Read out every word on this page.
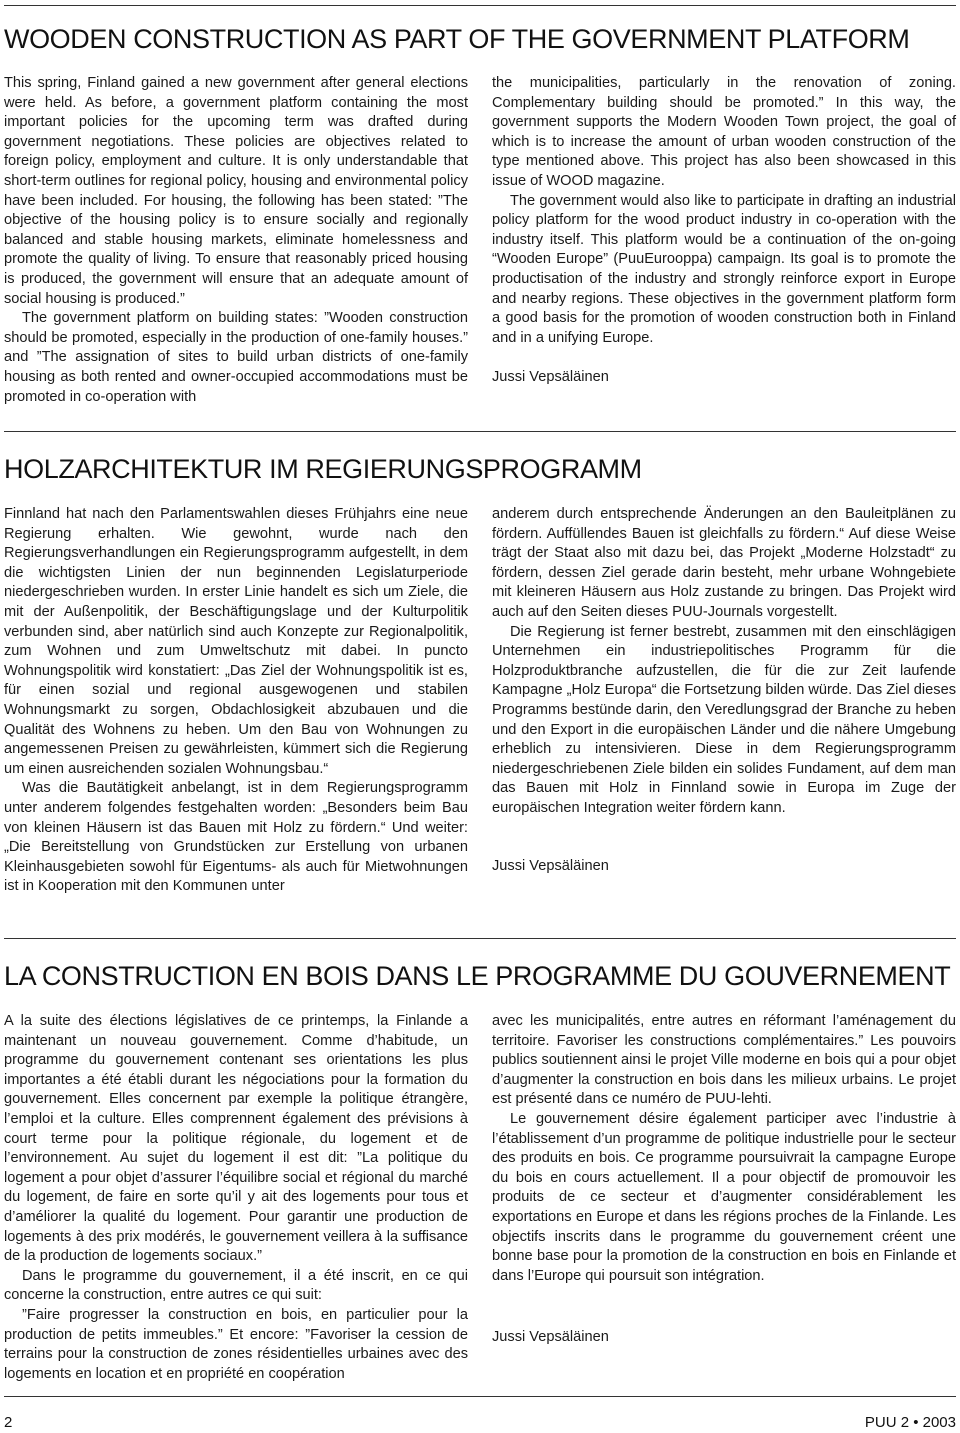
WOODEN CONSTRUCTION AS PART OF THE GOVERNMENT PLATFORM

This spring, Finland gained a new government after general elections were held. As before, a government platform containing the most important policies for the upcoming term was drafted during government negotiations. These policies are objectives related to foreign policy, employment and culture. It is only understandable that short-term outlines for regional policy, housing and environmental policy have been included. For housing, the following has been stated: ”The objective of the housing policy is to ensure socially and regionally balanced and stable housing markets, eliminate homelessness and promote the quality of living. To ensure that reasonably priced housing is produced, the government will ensure that an adequate amount of social housing is produced.”

The government platform on building states: ”Wooden construction should be promoted, especially in the production of one-family houses.” and ”The assignation of sites to build urban districts of one-family housing as both rented and owner-occupied accommodations must be promoted in co-operation with

the municipalities, particularly in the renovation of zoning. Complementary building should be promoted.” In this way, the government supports the Modern Wooden Town project, the goal of which is to increase the amount of urban wooden construction of the type mentioned above. This project has also been showcased in this issue of WOOD magazine.

The government would also like to participate in drafting an industrial policy platform for the wood product industry in co-operation with the industry itself. This platform would be a continuation of the on-going “Wooden Europe” (PuuEurooppa) campaign. Its goal is to promote the productisation of the industry and strongly reinforce export in Europe and nearby regions. These objectives in the government platform form a good basis for the promotion of wooden construction both in Finland and in a unifying Europe.

Jussi Vepsäläinen

HOLZARCHITEKTUR IM REGIERUNGSPROGRAMM

Finnland hat nach den Parlamentswahlen dieses Frühjahrs eine neue Regierung erhalten. Wie gewohnt, wurde nach den Regierungsverhandlungen ein Regierungsprogramm aufgestellt, in dem die wichtigsten Linien der nun beginnenden Legislaturperiode niedergeschrieben wurden. In erster Linie handelt es sich um Ziele, die mit der Außenpolitik, der Beschäftigungslage und der Kulturpolitik verbunden sind, aber natürlich sind auch Konzepte zur Regionalpolitik, zum Wohnen und zum Umweltschutz mit dabei. In puncto Wohnungspolitik wird konstatiert: „Das Ziel der Wohnungspolitik ist es, für einen sozial und regional ausgewogenen und stabilen Wohnungsmarkt zu sorgen, Obdachlosigkeit abzubauen und die Qualität des Wohnens zu heben. Um den Bau von Wohnungen zu angemessenen Preisen zu gewährleisten, kümmert sich die Regierung um einen ausreichenden sozialen Wohnungsbau.“

Was die Bautätigkeit anbelangt, ist in dem Regierungsprogramm unter anderem folgendes festgehalten worden: „Besonders beim Bau von kleinen Häusern ist das Bauen mit Holz zu fördern.“ Und weiter: „Die Bereitstellung von Grundstücken zur Erstellung von urbanen Kleinhausgebieten sowohl für Eigentums- als auch für Mietwohnungen ist in Kooperation mit den Kommunen unter

anderem durch entsprechende Änderungen an den Bauleitplänen zu fördern. Auffüllendes Bauen ist gleichfalls zu fördern.“ Auf diese Weise trägt der Staat also mit dazu bei, das Projekt „Moderne Holzstadt“ zu fördern, dessen Ziel gerade darin besteht, mehr urbane Wohngebiete mit kleineren Häusern aus Holz zustande zu bringen. Das Projekt wird auch auf den Seiten dieses PUU-Journals vorgestellt.

Die Regierung ist ferner bestrebt, zusammen mit den einschlägigen Unternehmen ein industriepolitisches Programm für die Holzproduktbranche aufzustellen, die für die zur Zeit laufende Kampagne „Holz Europa“ die Fortsetzung bilden würde. Das Ziel dieses Programms bestünde darin, den Veredlungsgrad der Branche zu heben und den Export in die europäischen Länder und die nähere Umgebung erheblich zu intensivieren. Diese in dem Regierungsprogramm niedergeschriebenen Ziele bilden ein solides Fundament, auf dem man das Bauen mit Holz in Finnland sowie in Europa im Zuge der europäischen Integration weiter fördern kann.

Jussi Vepsäläinen

LA CONSTRUCTION EN BOIS DANS LE PROGRAMME DU GOUVERNEMENT

A la suite des élections législatives de ce printemps, la Finlande a maintenant un nouveau gouvernement. Comme d’habitude, un programme du gouvernement contenant ses orientations les plus importantes a été établi durant les négociations pour la formation du gouvernement. Elles concernent par exemple la politique étrangère, l’emploi et la culture. Elles comprennent également des prévisions à court terme pour la politique régionale, du logement et de l’environnement. Au sujet du logement il est dit: ”La politique du logement a pour objet d’assurer l’équilibre social et régional du marché du logement, de faire en sorte qu’il y ait des logements pour tous et d’améliorer la qualité du logement. Pour garantir une production de logements à des prix modérés, le gouvernement veillera à la suffisance de la production de logements sociaux.”

Dans le programme du gouvernement, il a été inscrit, en ce qui concerne la construction, entre autres ce qui suit:

”Faire progresser la construction en bois, en particulier pour la production de petits immeubles.” Et encore: ”Favoriser la cession de terrains pour la construction de zones résidentielles urbaines avec des logements en location et en propriété en coopération

avec les municipalités, entre autres en réformant l’aménagement du territoire. Favoriser les constructions complémentaires.” Les pouvoirs publics soutiennent ainsi le projet Ville moderne en bois qui a pour objet d’augmenter la construction en bois dans les milieux urbains. Le projet est présenté dans ce numéro de PUU-lehti.

Le gouvernement désire également participer avec l’industrie à l’établissement d’un programme de politique industrielle pour le secteur des produits en bois. Ce programme poursuivrait la campagne Europe du bois en cours actuellement. Il a pour objectif de promouvoir les produits de ce secteur et d’augmenter considérablement les exportations en Europe et dans les régions proches de la Finlande. Les objectifs inscrits dans le programme du gouvernement créent une bonne base pour la promotion de la construction en bois en Finlande et dans l’Europe qui poursuit son intégration.

Jussi Vepsäläinen

2	PUU 2 • 2003
